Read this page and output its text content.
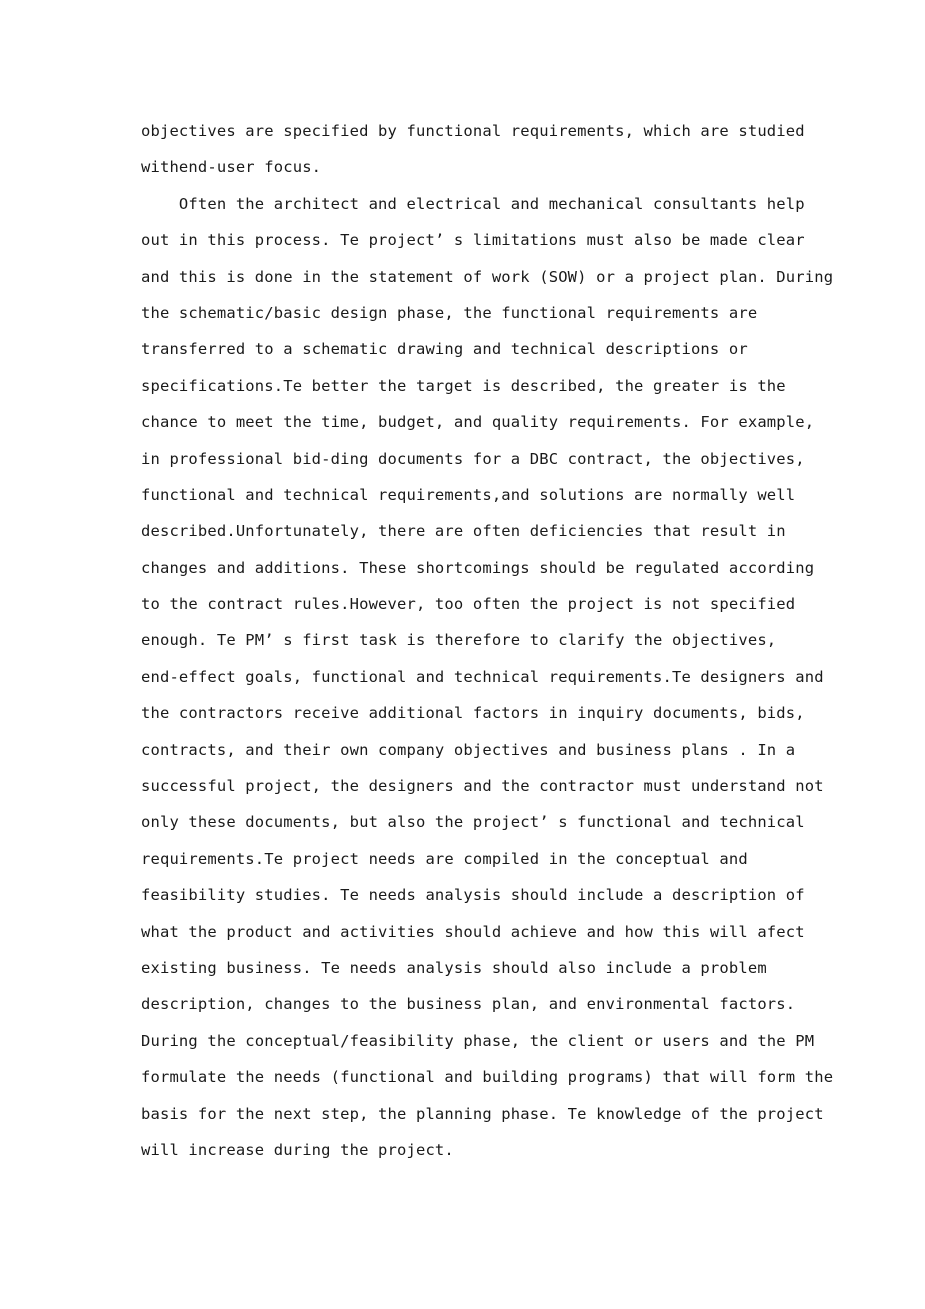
objectives are specified by functional requirements, which are studied
withend-user focus.
Often the architect and electrical and mechanical consultants help
out in this process. Te project’ s limitations must also be made clear
and this is done in the statement of work (SOW) or a project plan. During
the schematic/basic design phase, the functional requirements are
transferred to a schematic drawing and technical descriptions or
specifications.Te better the target is described, the greater is the
chance to meet the time, budget, and quality requirements. For example,
in professional bid-ding documents for a DBC contract, the objectives,
functional and technical requirements,and solutions are normally well
described.Unfortunately, there are often deficiencies that result in
changes and additions. These shortcomings should be regulated according
to the contract rules.However, too often the project is not specified
enough. Te PM’ s first task is therefore to clarify the objectives,
end-effect goals, functional and technical requirements.Te designers and
the contractors receive additional factors in inquiry documents, bids,
contracts, and their own company objectives and business plans . In a
successful project, the designers and the contractor must understand not
only these documents, but also the project’ s functional and technical
requirements.Te project needs are compiled in the conceptual and
feasibility studies. Te needs analysis should include a description of
what the product and activities should achieve and how this will afect
existing business. Te needs analysis should also include a problem
description, changes to the business plan, and environmental factors.
During the conceptual/feasibility phase, the client or users and the PM
formulate the needs (functional and building programs) that will form the
basis for the next step, the planning phase. Te knowledge of the project
will increase during the project.
